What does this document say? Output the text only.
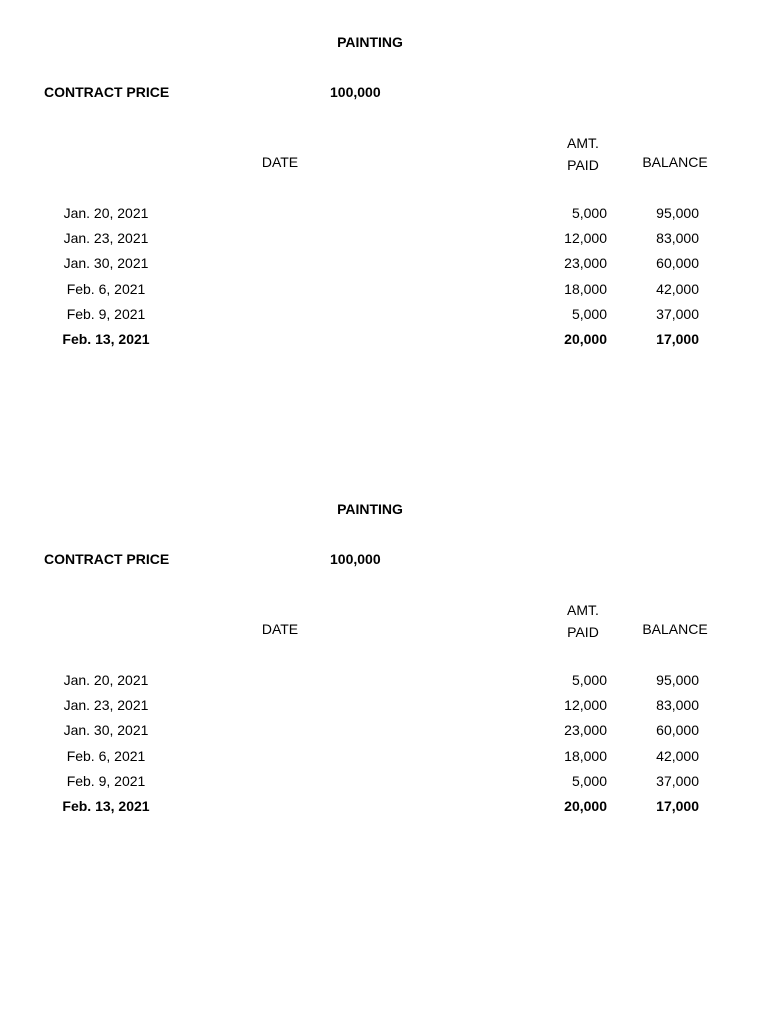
PAINTING
CONTRACT PRICE	100,000
DATE
AMT.
PAID	BALANCE
Jan. 20, 2021	5,000	95,000
Jan. 23, 2021	12,000	83,000
Jan. 30, 2021	23,000	60,000
Feb. 6, 2021	18,000	42,000
Feb. 9, 2021	5,000	37,000
Feb. 13, 2021	20,000	17,000
PAINTING
CONTRACT PRICE	100,000
DATE
AMT.
PAID	BALANCE
Jan. 20, 2021	5,000	95,000
Jan. 23, 2021	12,000	83,000
Jan. 30, 2021	23,000	60,000
Feb. 6, 2021	18,000	42,000
Feb. 9, 2021	5,000	37,000
Feb. 13, 2021	20,000	17,000
